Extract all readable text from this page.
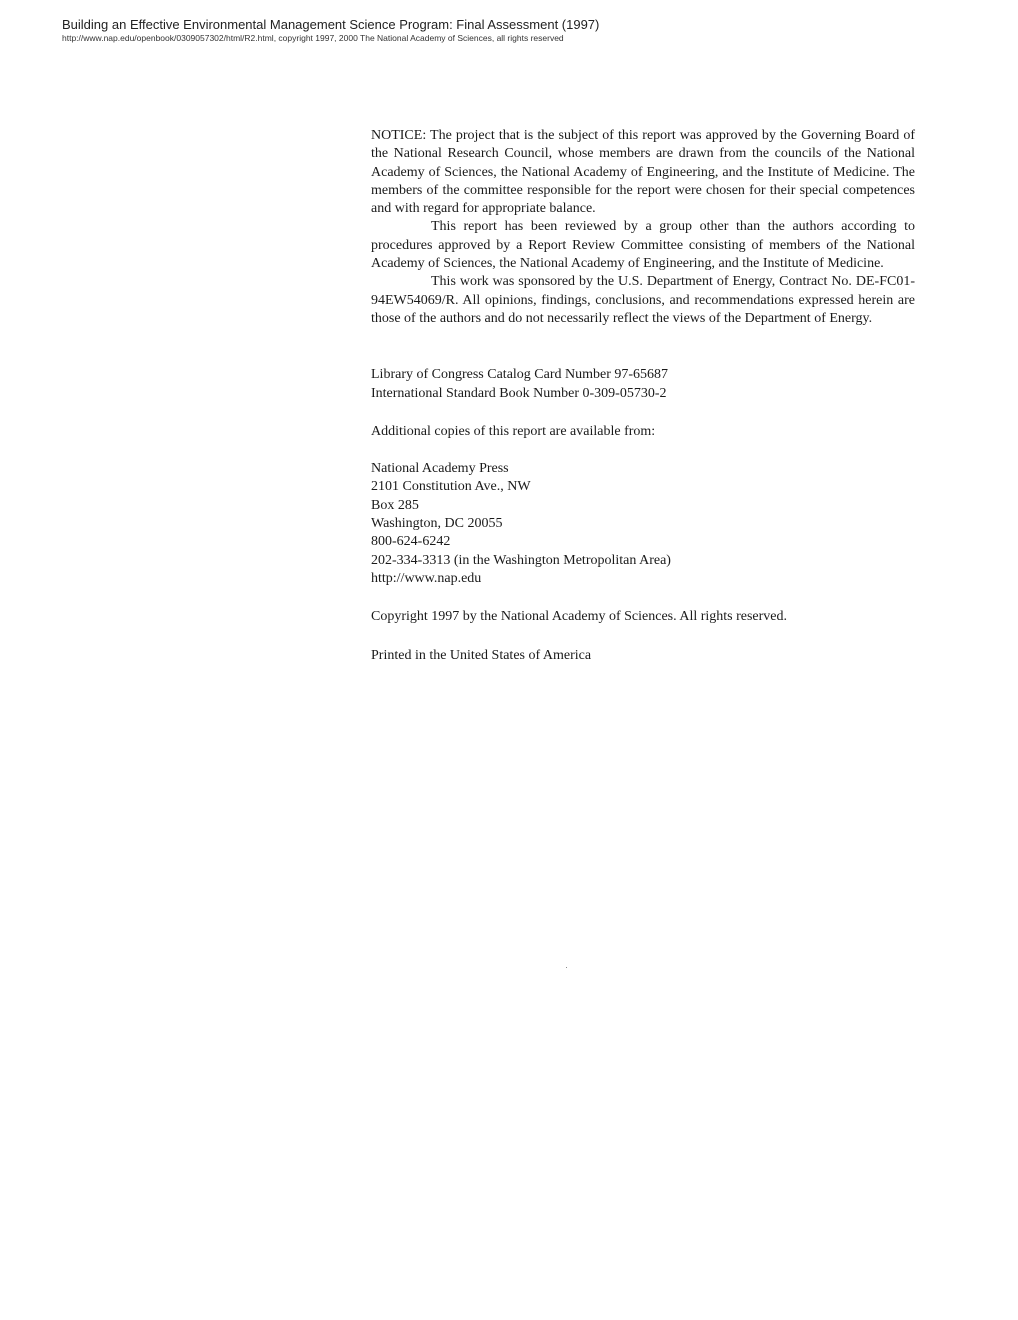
Building an Effective Environmental Management Science Program: Final Assessment (1997)
http://www.nap.edu/openbook/0309057302/html/R2.html, copyright 1997, 2000 The National Academy of Sciences, all rights reserved

NOTICE: The project that is the subject of this report was approved by the Governing Board of the National Research Council, whose members are drawn from the councils of the National Academy of Sciences, the National Academy of Engineering, and the Institute of Medicine. The members of the committee responsible for the report were chosen for their special competences and with regard for appropriate balance.

This report has been reviewed by a group other than the authors according to procedures approved by a Report Review Committee consisting of members of the National Academy of Sciences, the National Academy of Engineering, and the Institute of Medicine.

This work was sponsored by the U.S. Department of Energy, Contract No. DE-FC01-94EW54069/R. All opinions, findings, conclusions, and recommendations expressed herein are those of the authors and do not necessarily reflect the views of the Department of Energy.

Library of Congress Catalog Card Number 97-65687
International Standard Book Number 0-309-05730-2
Additional copies of this report are available from:
National Academy Press
2101 Constitution Ave., NW
Box 285
Washington, DC 20055
800-624-6242
202-334-3313 (in the Washington Metropolitan Area)
http://www.nap.edu
Copyright 1997 by the National Academy of Sciences. All rights reserved.
Printed in the United States of America
